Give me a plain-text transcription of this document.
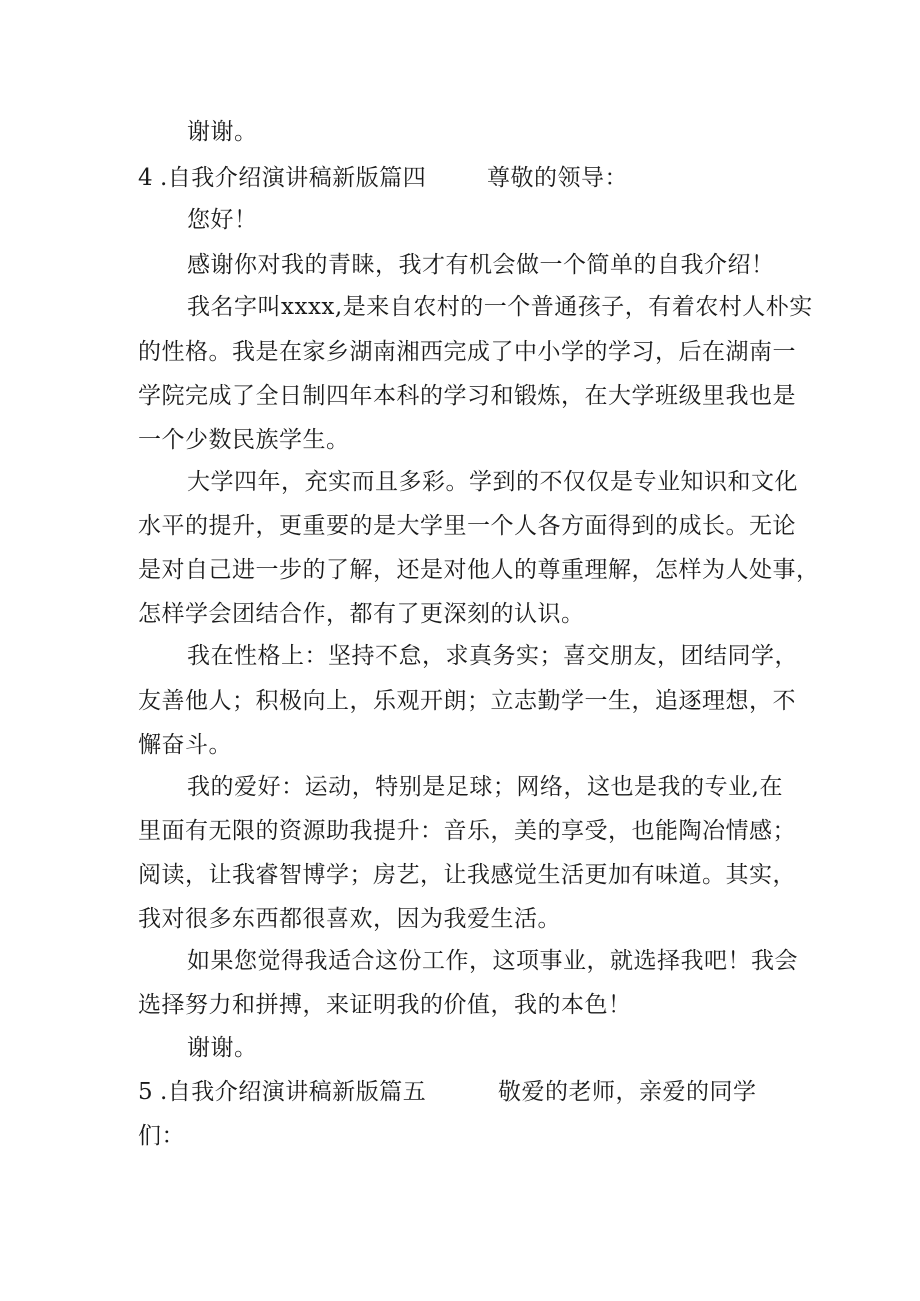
谢谢。
4 .自我介绍演讲稿新版篇四	尊敬的领导：
您好！
感谢你对我的青睐，我才有机会做一个简单的自我介绍！
我名字叫xxxx,是来自农村的一个普通孩子，有着农村人朴实
的性格。我是在家乡湖南湘西完成了中小学的学习，后在湖南一
学院完成了全日制四年本科的学习和锻炼，在大学班级里我也是
一个少数民族学生。
大学四年，充实而且多彩。学到的不仅仅是专业知识和文化
水平的提升，更重要的是大学里一个人各方面得到的成长。无论
是对自己进一步的了解，还是对他人的尊重理解，怎样为人处事，
怎样学会团结合作，都有了更深刻的认识。
我在性格上：坚持不怠，求真务实；喜交朋友，团结同学，
友善他人；积极向上，乐观开朗；立志勤学一生，追逐理想，不
懈奋斗。
我的爱好：运动，特别是足球；网络，这也是我的专业,在
里面有无限的资源助我提升：音乐，美的享受，也能陶冶情感；
阅读，让我睿智博学；房艺，让我感觉生活更加有味道。其实，
我对很多东西都很喜欢，因为我爱生活。
如果您觉得我适合这份工作，这项事业，就选择我吧！我会
选择努力和拼搏，来证明我的价值，我的本色！
谢谢。
5 .自我介绍演讲稿新版篇五	敬爱的老师，亲爱的同学
们：
